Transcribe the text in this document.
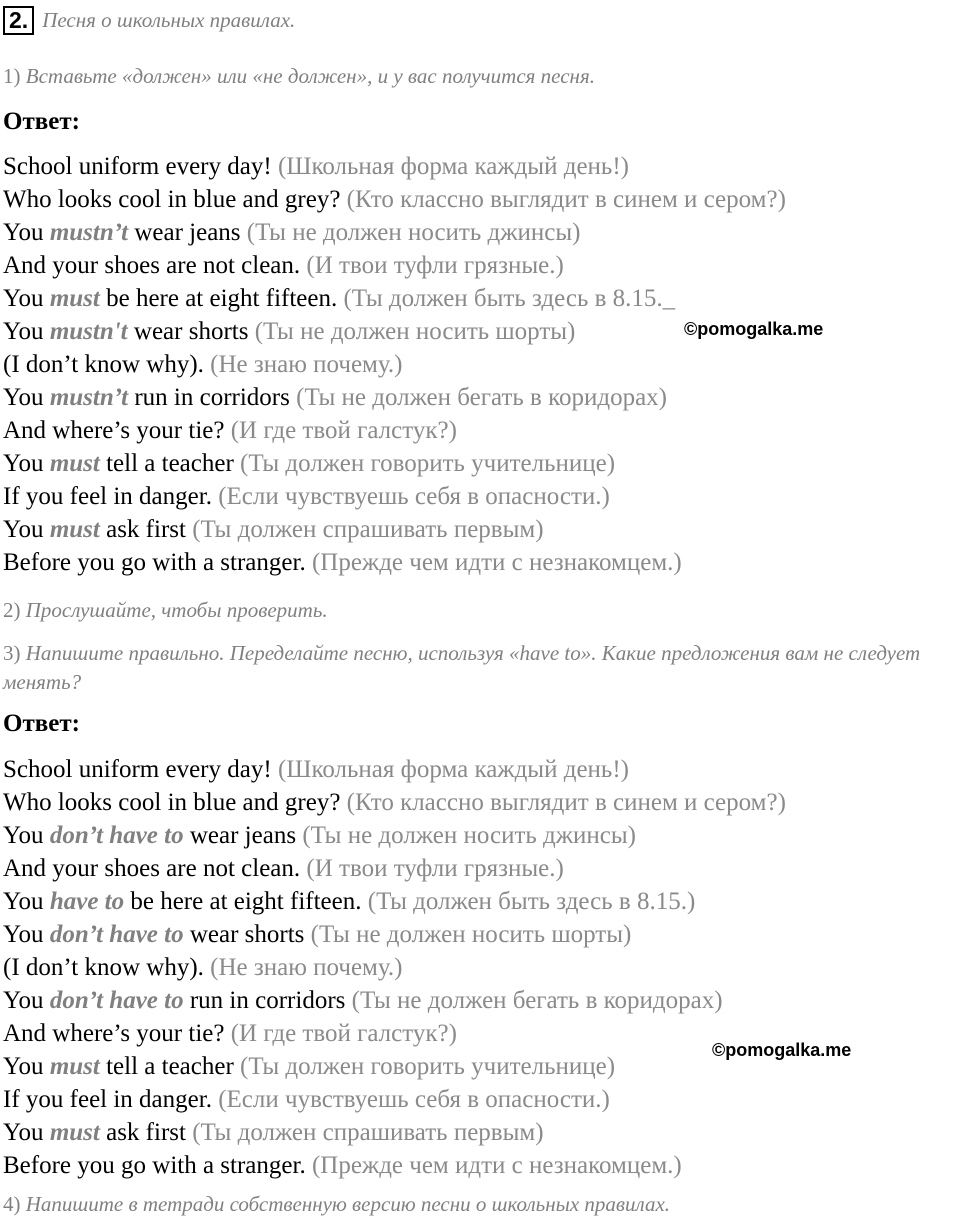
2. Песня о школьных правилах.
1) Вставьте «должен» или «не должен», и у вас получится песня.
Ответ:
School uniform every day! (Школьная форма каждый день!)
Who looks cool in blue and grey? (Кто классно выглядит в синем и сером?)
You mustn’t wear jeans (Ты не должен носить джинсы)
And your shoes are not clean. (И твои туфли грязные.)
You must be here at eight fifteen. (Ты должен быть здесь в 8.15._
You mustn't wear shorts (Ты не должен носить шорты)
(I don’t know why). (Не знаю почему.)
You mustn’t run in corridors (Ты не должен бегать в коридорах)
And where’s your tie? (И где твой галстук?)
You must tell a teacher (Ты должен говорить учительнице)
If you feel in danger. (Если чувствуешь себя в опасности.)
You must ask first (Ты должен спрашивать первым)
Before you go with a stranger. (Прежде чем идти с незнакомцем.)
©pomogalka.me
2) Прослушайте, чтобы проверить.
3) Напишите правильно. Переделайте песню, используя «have to». Какие предложения вам не следует менять?
Ответ:
School uniform every day! (Школьная форма каждый день!)
Who looks cool in blue and grey? (Кто классно выглядит в синем и сером?)
You don’t have to wear jeans (Ты не должен носить джинсы)
And your shoes are not clean. (И твои туфли грязные.)
You have to be here at eight fifteen. (Ты должен быть здесь в 8.15.)
You don’t have to wear shorts (Ты не должен носить шорты)
(I don’t know why). (Не знаю почему.)
You don’t have to run in corridors (Ты не должен бегать в коридорах)
And where’s your tie? (И где твой галстук?)
You must tell a teacher (Ты должен говорить учительнице)
If you feel in danger. (Если чувствуешь себя в опасности.)
You must ask first (Ты должен спрашивать первым)
Before you go with a stranger. (Прежде чем идти с незнакомцем.)
©pomogalka.me
4) Напишите в тетради собственную версию песни о школьных правилах.
